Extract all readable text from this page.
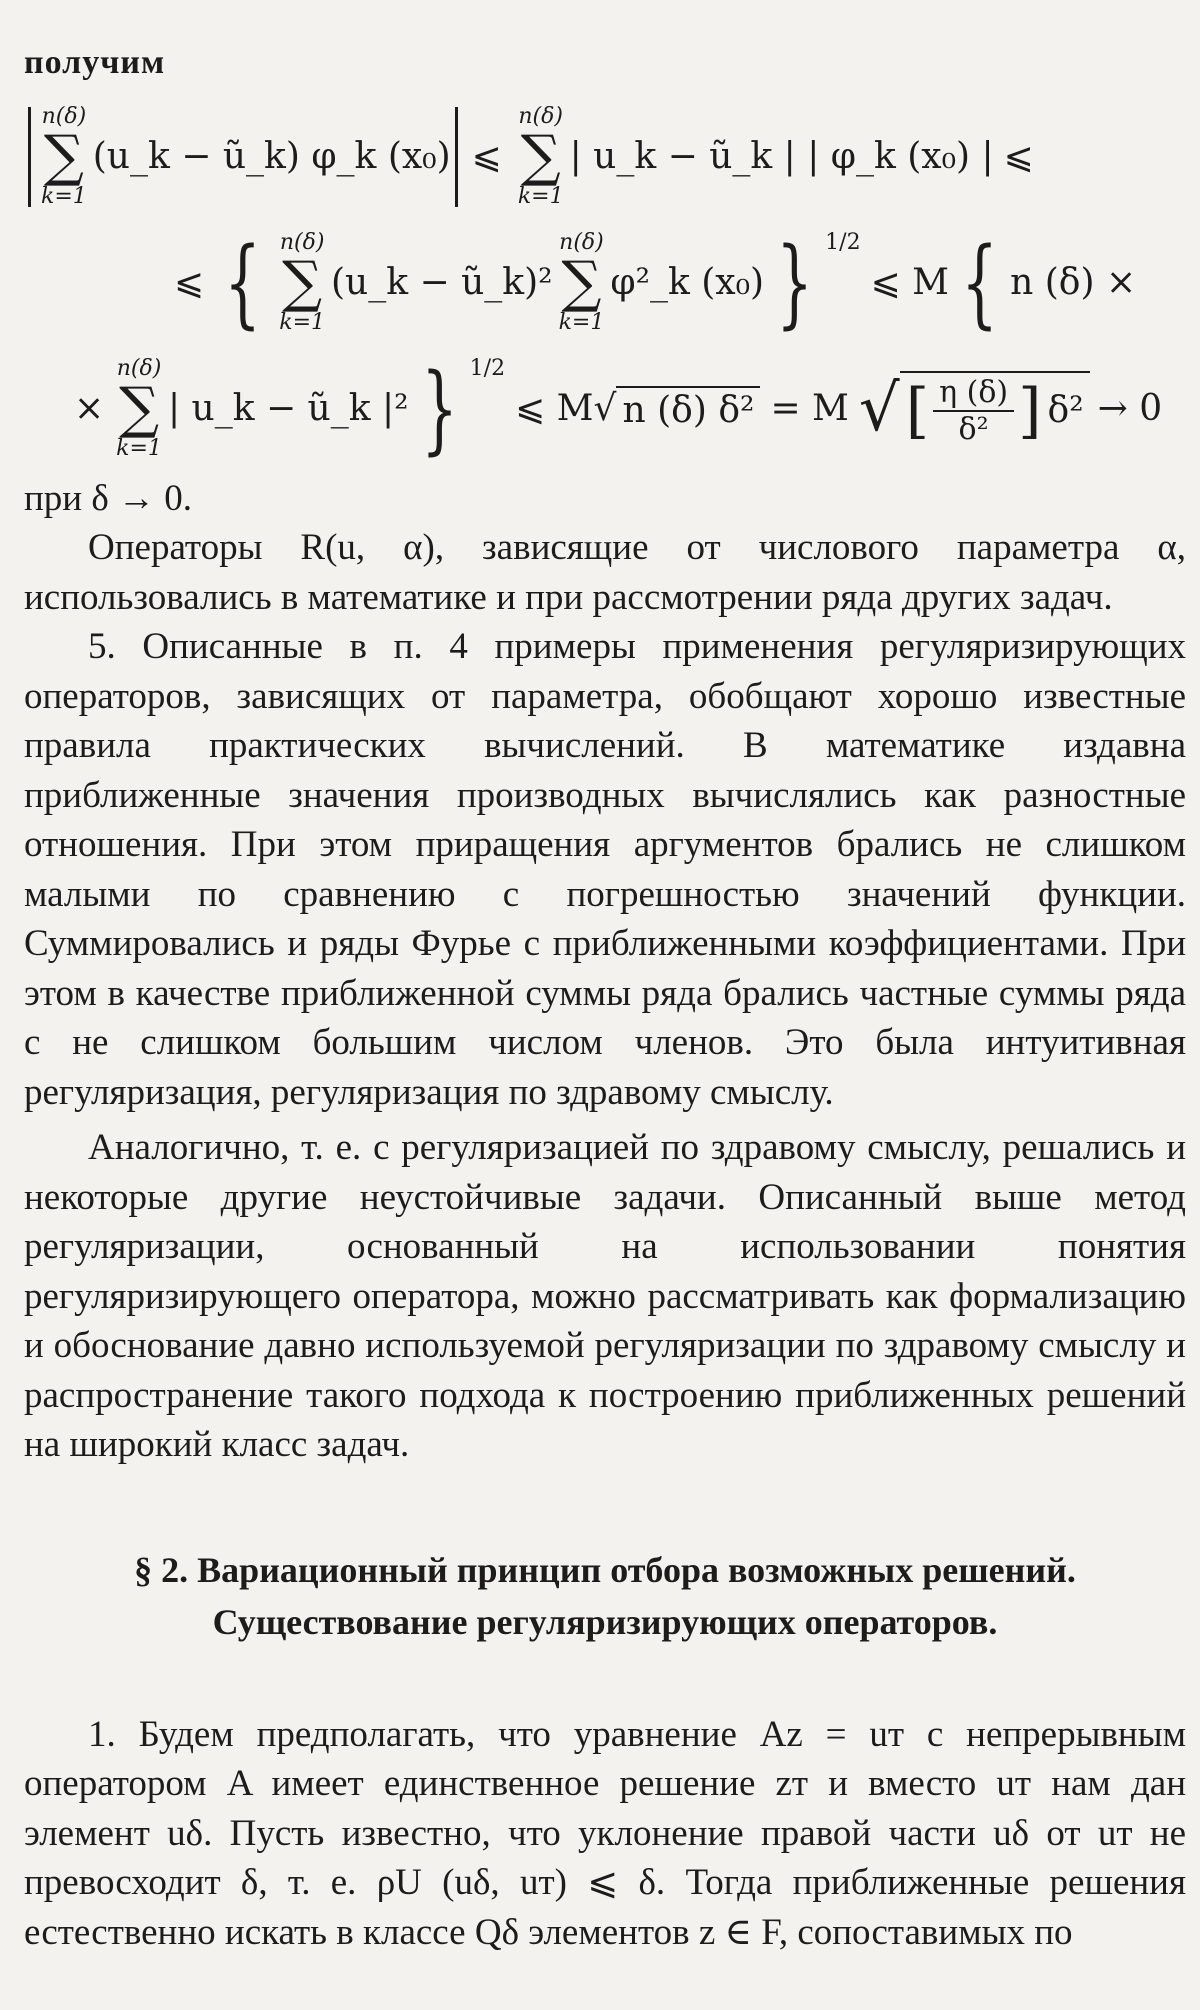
получим

n(δ)
∑
k=1
(u_k − ũ_k) φ_k (x₀) ⩽
n(δ)
∑
k=1
| u_k − ũ_k | | φ_k (x₀) | ⩽
⩽ { n(δ)
∑
k=1
(u_k − ũ_k)²
n(δ)
∑
k=1
φ²_k (x₀) } $^{1/2}$
⩽ M { n (δ) ×
×
n(δ)
∑
k=1
| u_k − ũ_k |² } $^{1/2}$
⩽ M √ n (δ) δ² = M √ [ $\frac{\eta (\delta)}{\text{δ²}}$ ] δ² → 0

при δ → 0.

Операторы R(u, α), зависящие от числового параметра α, использовались в математике и при рассмотрении ряда других задач.

5. Описанные в п. 4 примеры применения регуляризирующих операторов, зависящих от параметра, обобщают хорошо известные правила практических вычислений. В математике издавна приближенные значения производных вычислялись как разностные отношения. При этом приращения аргументов брались не слишком малыми по сравнению с погрешностью значений функции. Суммировались и ряды Фурье с приближенными коэффициентами. При этом в качестве приближенной суммы ряда брались частные суммы ряда с не слишком большим числом членов. Это была интуитивная регуляризация, регуляризация по здравому смыслу.

Аналогично, т. е. с регуляризацией по здравому смыслу, решались и некоторые другие неустойчивые задачи. Описанный выше метод регуляризации, основанный на использовании понятия регуляризирующего оператора, можно рассматривать как формализацию и обоснование давно используемой регуляризации по здравому смыслу и распространение такого подхода к построению приближенных решений на широкий класс задач.

§ 2. Вариационный принцип отбора возможных решений.
Существование регуляризирующих операторов.

1. Будем предполагать, что уравнение Az = uт с непрерывным оператором A имеет единственное решение zт и вместо uт нам дан элемент uδ. Пусть известно, что уклонение правой части uδ от uт не превосходит δ, т. е. ρU (uδ, uт) ⩽ δ. Тогда приближенные решения естественно искать в классе Qδ элементов z ∈ F, сопоставимых по
